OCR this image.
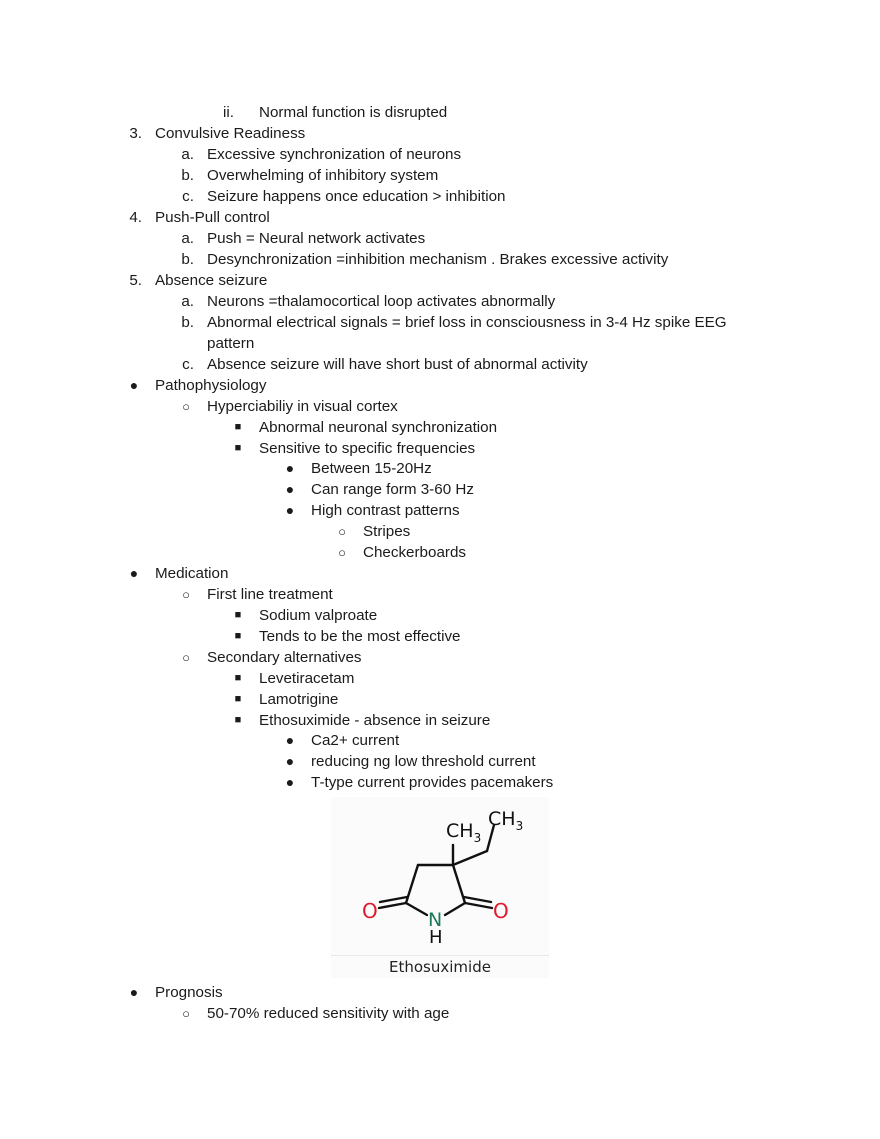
ii. Normal function is disrupted
3. Convulsive Readiness
a. Excessive synchronization of neurons
b. Overwhelming of inhibitory system
c. Seizure happens once education > inhibition
4. Push-Pull control
a. Push = Neural network activates
b. Desynchronization =inhibition mechanism . Brakes excessive activity
5. Absence seizure
a. Neurons =thalamocortical loop activates abnormally
b. Abnormal electrical signals = brief loss in consciousness in 3-4 Hz spike EEG
pattern
c. Absence seizure will have short bust of abnormal activity
● Pathophysiology
○ Hyperciabiliy in visual cortex
■ Abnormal neuronal synchronization
■ Sensitive to specific frequencies
● Between 15-20Hz
● Can range form 3-60 Hz
● High contrast patterns
○ Stripes
○ Checkerboards
● Medication
○ First line treatment
■ Sodium valproate
■ Tends to be the most effective
○ Secondary alternatives
■ Levetiracetam
■ Lamotrigine
■ Ethosuximide - absence in seizure
● Ca2+ current
● reducing ng low threshold current
● T-type current provides pacemakers
$CH_3$
$CH_3$
O	O
N
H
Ethosuximide
● Prognosis
○ 50-70% reduced sensitivity with age
